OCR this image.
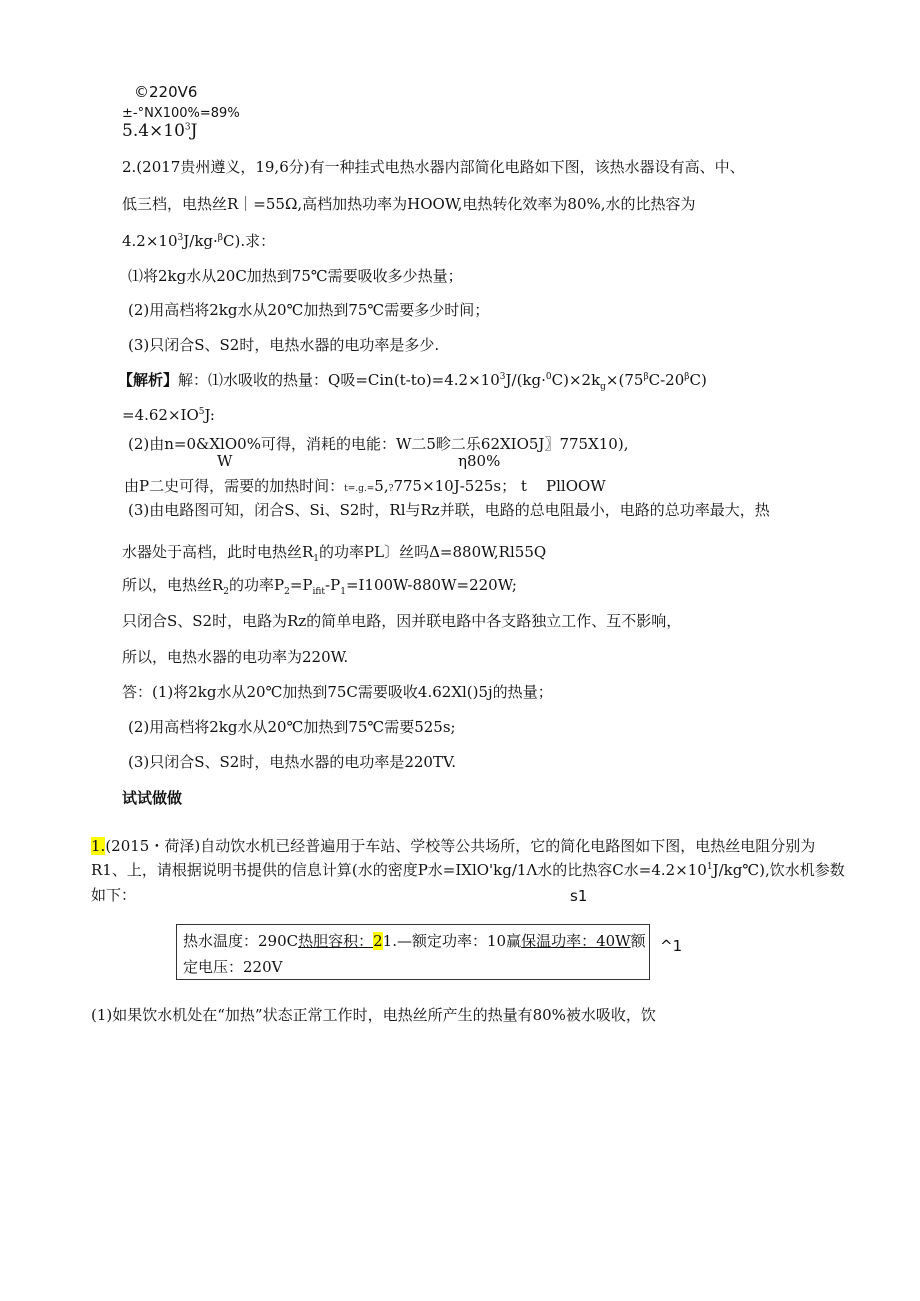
©220V6
±-°NX100%=89%
$5.4\times 10^3J$
2.(2017贵州遵义，19,6分)有一种挂式电热水器内部简化电路如下图，该热水器设有高、中、
低三档，电热丝R｜=55Ω,高档加热功率为HOOW,电热转化效率为80%,水的比热容为
$4.2\times 10^3J/kg\cdot^\beta C$).求：
⑴将2kg水从20C加热到75℃需要吸收多少热量；
(2)用高档将2kg水从20℃加热到75℃需要多少时间；
(3)只闭合S、S2时，电热水器的电功率是多少.
【解析】解：⑴水吸收的热量：Q吸$=Cin(t-to)=4.2\times 10^3J/(kg\cdot^0C)\times 2k_g\times(75^\beta C-20^\beta C)$
$=4.62\times IO^5J$:
(2)由n=0&XlO0%可得，消耗的电能：W二5畛二乐62XIO5J〗775X10),
W	η80%
由P二史可得，需要的加热时间：t=.g.=5,?775×10J-525s； t PllOOW
(3)由电路图可知，闭合S、Si、S2时，Rl与Rz并联，电路的总电阻最小，电路的总功率最大，热
水器处于高档，此时电热丝$R_1$的功率PL〕丝吗Δ=880W,Rl55Q
所以，电热丝$R_2$的功率$P_2=P_{ifit}-P_1=I100W-880W=220W$;
只闭合S、S2时，电路为Rz的简单电路，因并联电路中各支路独立工作、互不影响，
所以，电热水器的电功率为220W.
答：(1)将2kg水从20℃加热到75C需要吸收4.62Xl()5j的热量；
(2)用高档将2kg水从20℃加热到75℃需要525s;
(3)只闭合S、S2时，电热水器的电功率是220TV.
试试做做
1.(2015・荷泽)自动饮水机已经普遍用于车站、学校等公共场所，它的简化电路图如下图，电热丝电阻分别为
R1、上，请根据说明书提供的信息计算(水的密度P水=IXlO'kg/1Λ水的比热容C水$=4.2\times 10^1J/kg℃$),饮水机参数
如下：	s1
热水温度：290C热胆容积：21.—额定功率：10赢保温功率：40W额
定电压：220V
^1
(1)如果饮水机处在“加热”状态正常工作时，电热丝所产生的热量有80%被水吸收，饮
